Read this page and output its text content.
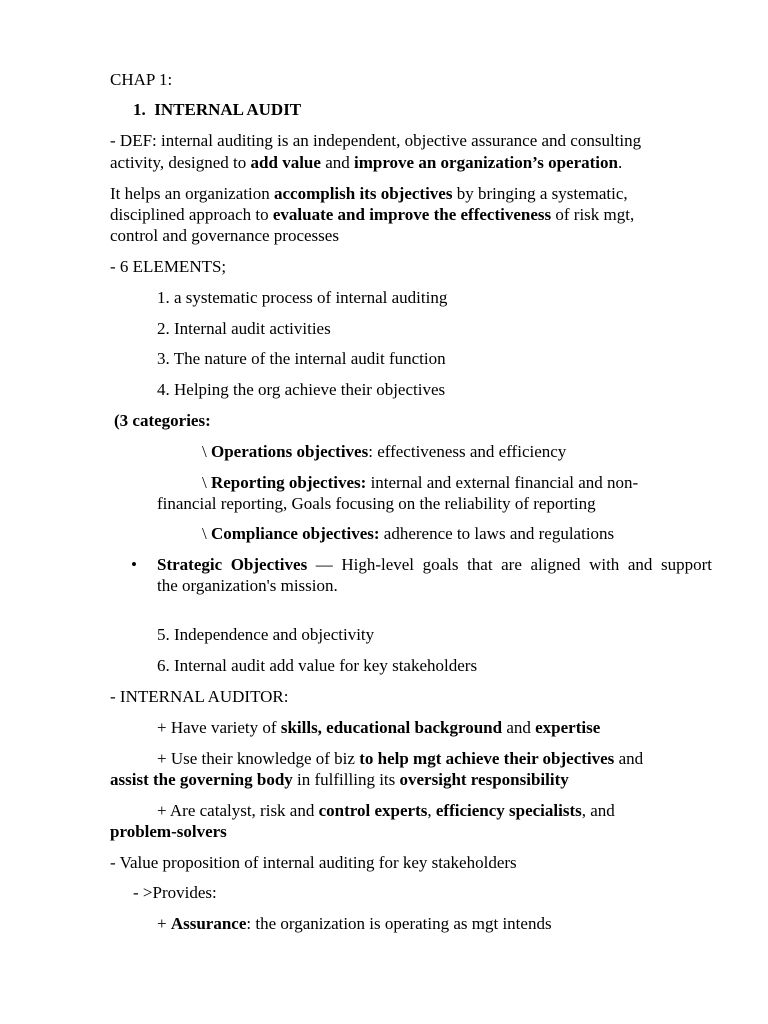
CHAP 1:
1. INTERNAL AUDIT
- DEF: internal auditing is an independent, objective assurance and consulting
activity, designed to add value and improve an organization’s operation.
It helps an organization accomplish its objectives by bringing a systematic,
disciplined approach to evaluate and improve the effectiveness of risk mgt,
control and governance processes
- 6 ELEMENTS;
1. a systematic process of internal auditing
2. Internal audit activities
3. The nature of the internal audit function
4. Helping the org achieve their objectives
(3 categories:
\ Operations objectives: effectiveness and efficiency
\ Reporting objectives: internal and external financial and non-
financial reporting, Goals focusing on the reliability of reporting
\ Compliance objectives: adherence to laws and regulations
• Strategic Objectives — High-level goals that are aligned with and support
the organization's mission.
5. Independence and objectivity
6. Internal audit add value for key stakeholders
- INTERNAL AUDITOR:
+ Have variety of skills, educational background and expertise
+ Use their knowledge of biz to help mgt achieve their objectives and
assist the governing body in fulfilling its oversight responsibility
+ Are catalyst, risk and control experts, efficiency specialists, and
problem-solvers
- Value proposition of internal auditing for key stakeholders
- >Provides:
+ Assurance: the organization is operating as mgt intends
